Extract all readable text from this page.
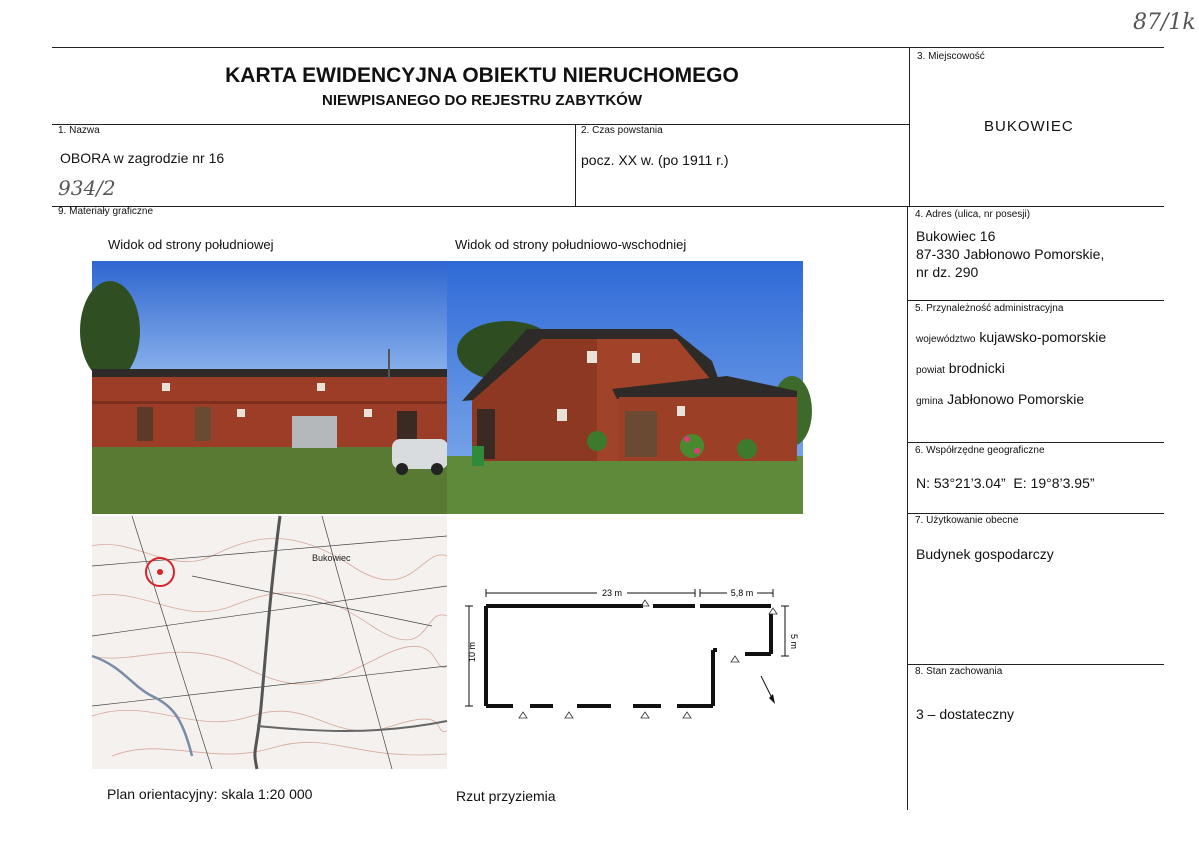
87/1k
KARTA EWIDENCYJNA OBIEKTU NIERUCHOMEGO
NIEWPISANEGO DO REJESTRU ZABYTKÓW
1. Nazwa
OBORA w zagrodzie nr 16
934/2
2. Czas powstania
pocz. XX w. (po 1911 r.)
3. Miejscowość
BUKOWIEC
9. Materiały graficzne	4. Adres (ulica, nr posesji)
Bukowiec 16
87-330 Jabłonowo Pomorskie,
nr dz. 290
5. Przynależność administracyjna
województwo kujawsko-pomorskie
powiat brodnicki
gmina Jabłonowo Pomorskie
6. Współrzędne geograficzne
N: 53°21’3.04”  E: 19°8’3.95”
7. Użytkowanie obecne
Budynek gospodarczy
8. Stan zachowania
3 – dostateczny
Widok od strony południowej	Widok od strony południowo-wschodniej
Bukowiec
23 m	5,8 m
5 m
10 m
Plan orientacyjny: skala 1:20 000	Rzut przyziemia
